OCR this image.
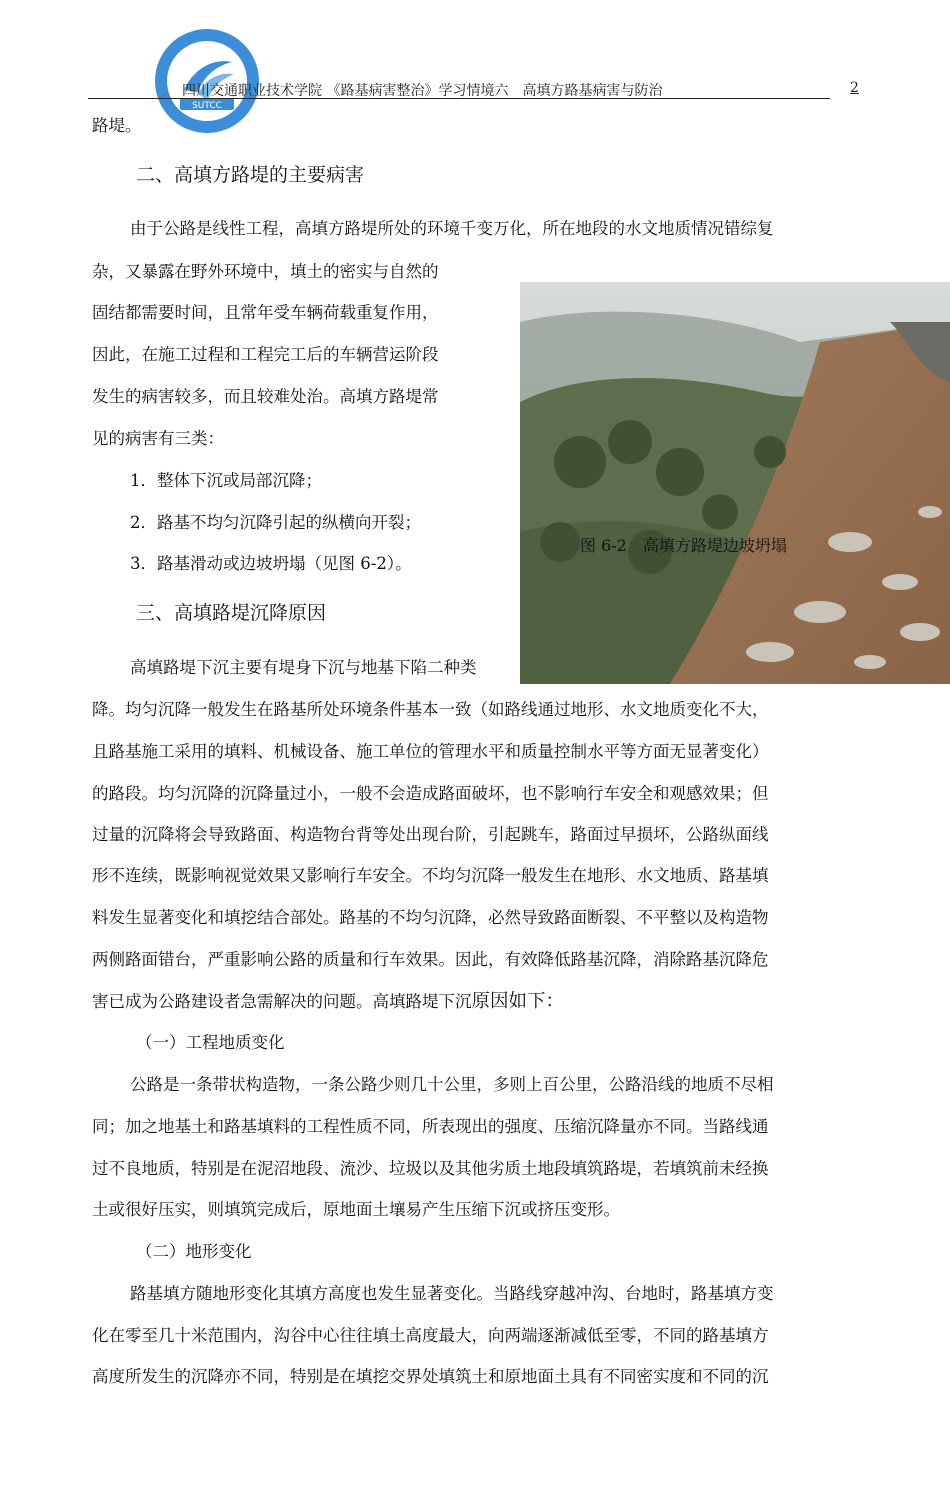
SUTCC
四川交通职业技术学院 《路基病害整治》学习情境六　高填方路基病害与防治	2
路堤。
二、高填方路堤的主要病害
由于公路是线性工程，高填方路堤所处的环境千变万化，所在地段的水文地质情况错综复
杂，又暴露在野外环境中，填土的密实与自然的
固结都需要时间，且常年受车辆荷载重复作用，
因此，在施工过程和工程完工后的车辆营运阶段
发生的病害较多，而且较难处治。高填方路堤常
见的病害有三类：
1．整体下沉或局部沉降；
2．路基不均匀沉降引起的纵横向开裂；
3．路基滑动或边坡坍塌（见图 6-2）。
三、高填路堤沉降原因
高填路堤下沉主要有堤身下沉与地基下陷二种类
降。均匀沉降一般发生在路基所处环境条件基本一致（如路线通过地形、水文地质变化不大，
且路基施工采用的填料、机械设备、施工单位的管理水平和质量控制水平等方面无显著变化）
的路段。均匀沉降的沉降量过小，一般不会造成路面破坏，也不影响行车安全和观感效果；但
过量的沉降将会导致路面、构造物台背等处出现台阶，引起跳车，路面过早损坏，公路纵面线
形不连续，既影响视觉效果又影响行车安全。不均匀沉降一般发生在地形、水文地质、路基填
料发生显著变化和填挖结合部处。路基的不均匀沉降，必然导致路面断裂、不平整以及构造物
两侧路面错台，严重影响公路的质量和行车效果。因此，有效降低路基沉降，消除路基沉降危
害已成为公路建设者急需解决的问题。高填路堤下沉原因如下：
（一）工程地质变化
公路是一条带状构造物，一条公路少则几十公里，多则上百公里，公路沿线的地质不尽相
同；加之地基土和路基填料的工程性质不同，所表现出的强度、压缩沉降量亦不同。当路线通
过不良地质，特别是在泥沼地段、流沙、垃圾以及其他劣质土地段填筑路堤，若填筑前未经换
土或很好压实，则填筑完成后，原地面土壤易产生压缩下沉或挤压变形。
（二）地形变化
路基填方随地形变化其填方高度也发生显著变化。当路线穿越冲沟、台地时，路基填方变
化在零至几十米范围内，沟谷中心往往填土高度最大，向两端逐渐减低至零，不同的路基填方
高度所发生的沉降亦不同，特别是在填挖交界处填筑土和原地面土具有不同密实度和不同的沉
图 6-2　高填方路堤边坡坍塌
